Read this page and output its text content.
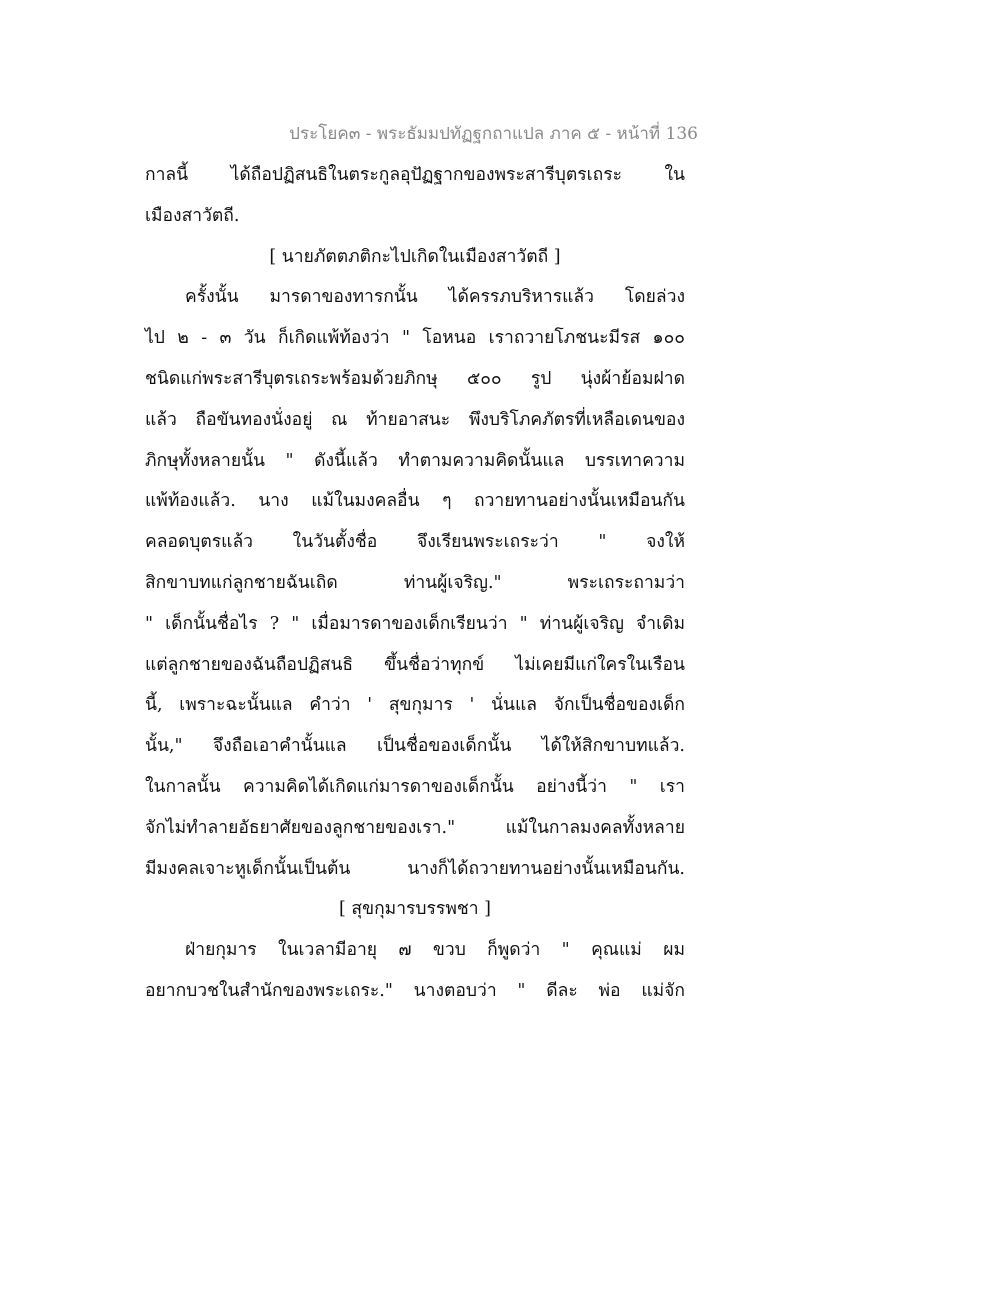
ประโยค๓ - พระธัมมปทัฏฐกถาแปล ภาค ๕ - หน้าที่ 136
กาลนี้ ได้ถือปฏิสนธิในตระกูลอุปัฏฐากของพระสารีบุตรเถระ ใน
เมืองสาวัตถี.
[ นายภัตตภติกะไปเกิดในเมืองสาวัตถี ]
ครั้งนั้น มารดาของทารกนั้น ได้ครรภบริหารแล้ว โดยล่วง
ไป ๒ - ๓ วัน ก็เกิดแพ้ท้องว่า " โอหนอ เราถวายโภชนะมีรส ๑๐๐
ชนิดแก่พระสารีบุตรเถระพร้อมด้วยภิกษุ ๕๐๐ รูป นุ่งผ้าย้อมฝาด
แล้ว ถือขันทองนั่งอยู่ ณ ท้ายอาสนะ พึงบริโภคภัตรที่เหลือเดนของ
ภิกษุทั้งหลายนั้น " ดังนี้แล้ว ทำตามความคิดนั้นแล บรรเทาความ
แพ้ท้องแล้ว. นาง แม้ในมงคลอื่น ๆ ถวายทานอย่างนั้นเหมือนกัน
คลอดบุตรแล้ว ในวันตั้งชื่อ จึงเรียนพระเถระว่า " จงให้
สิกขาบทแก่ลูกชายฉันเถิด ท่านผู้เจริญ." พระเถระถามว่า
" เด็กนั้นชื่อไร ? " เมื่อมารดาของเด็กเรียนว่า " ท่านผู้เจริญ จำเดิม
แต่ลูกชายของฉันถือปฏิสนธิ ขึ้นชื่อว่าทุกข์ ไม่เคยมีแก่ใครในเรือน
นี้, เพราะฉะนั้นแล คำว่า ' สุขกุมาร ' นั่นแล จักเป็นชื่อของเด็ก
นั้น," จึงถือเอาคำนั้นแล เป็นชื่อของเด็กนั้น ได้ให้สิกขาบทแล้ว.
ในกาลนั้น ความคิดได้เกิดแก่มารดาของเด็กนั้น อย่างนี้ว่า " เรา
จักไม่ทำลายอัธยาศัยของลูกชายของเรา." แม้ในกาลมงคลทั้งหลาย
มีมงคลเจาะหูเด็กนั้นเป็นต้น นางก็ได้ถวายทานอย่างนั้นเหมือนกัน.
[ สุขกุมารบรรพชา ]
ฝ่ายกุมาร ในเวลามีอายุ ๗ ขวบ ก็พูดว่า " คุณแม่ ผม
อยากบวชในสำนักของพระเถระ." นางตอบว่า " ดีละ พ่อ แม่จัก
